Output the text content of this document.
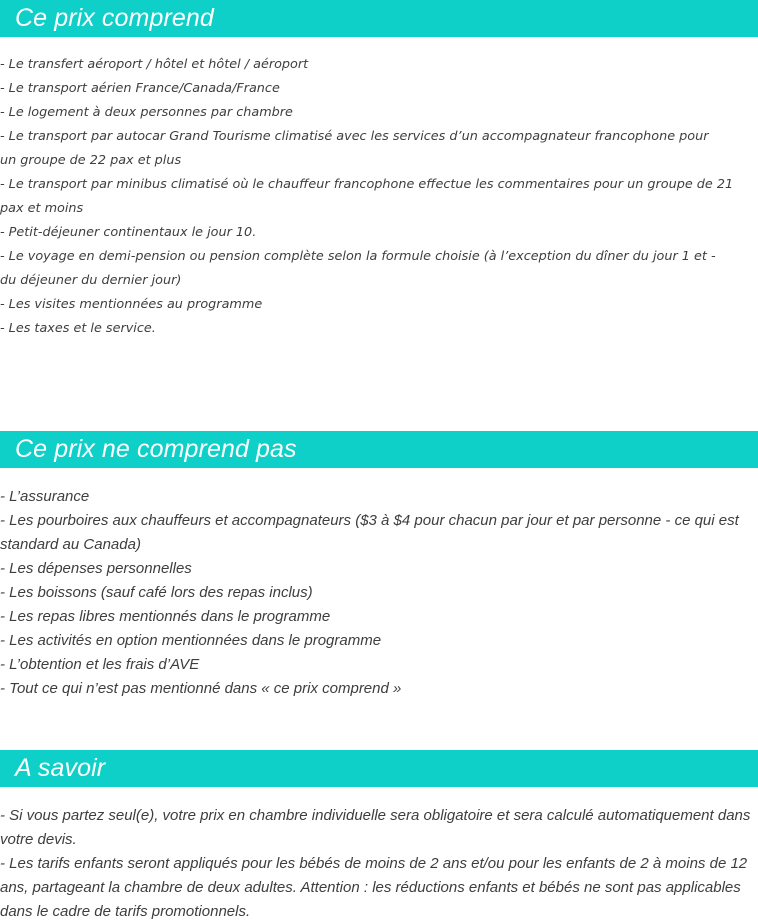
Ce prix comprend

- Le transfert aéroport / hôtel et hôtel / aéroport

- Le transport aérien France/Canada/France

- Le logement à deux personnes par chambre

- Le transport par autocar Grand Tourisme climatisé avec les services d’un accompagnateur francophone pour un groupe de 22 pax et plus

- Le transport par minibus climatisé où le chauffeur francophone effectue les commentaires pour un groupe de 21 pax et moins

- Petit-déjeuner continentaux le jour 10.

- Le voyage en demi-pension ou pension complète selon la formule choisie (à l’exception du dîner du jour 1 et - du déjeuner du dernier jour)

- Les visites mentionnées au programme

- Les taxes et le service.

Ce prix ne comprend pas

- L’assurance

- Les pourboires aux chauffeurs et accompagnateurs ($3 à $4 pour chacun par jour et par personne - ce qui est standard au Canada)

- Les dépenses personnelles

- Les boissons (sauf café lors des repas inclus)

- Les repas libres mentionnés dans le programme

- Les activités en option mentionnées dans le programme

- L’obtention et les frais d’AVE

- Tout ce qui n’est pas mentionné dans « ce prix comprend »

A savoir

- Si vous partez seul(e), votre prix en chambre individuelle sera obligatoire et sera calculé automatiquement dans votre devis.

- Les tarifs enfants seront appliqués pour les bébés de moins de 2 ans et/ou pour les enfants de 2 à moins de 12 ans, partageant la chambre de deux adultes. Attention : les réductions enfants et bébés ne sont pas applicables dans le cadre de tarifs promotionnels.
